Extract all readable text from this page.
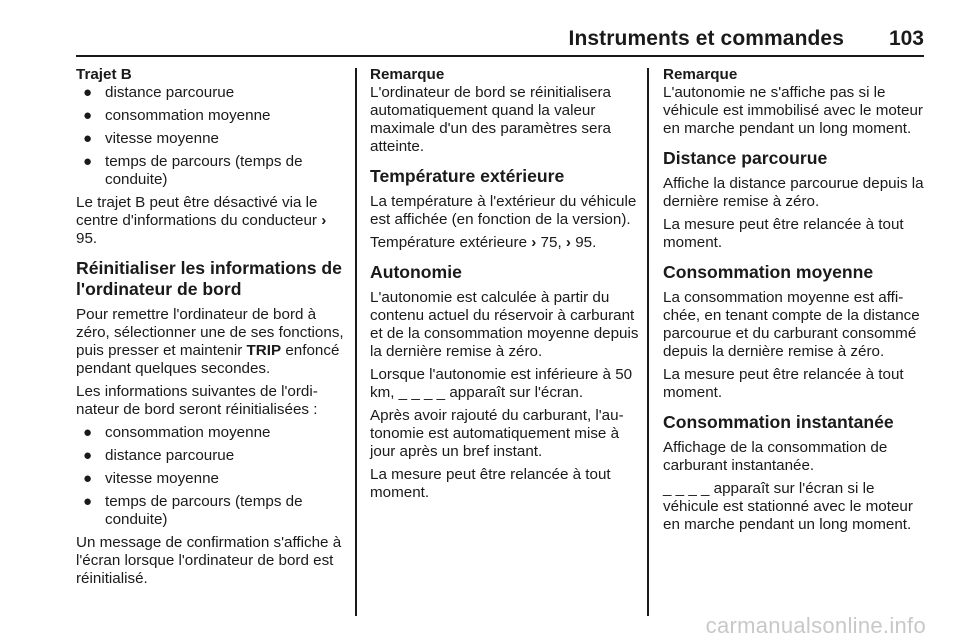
Instruments et commandes 103

Trajet B

● distance parcourue
● consommation moyenne
● vitesse moyenne
● temps de parcours (temps de conduite)

Le trajet B peut être désactivé via le centre d'informations du conducteur › 95.

Réinitialiser les informations de l'ordinateur de bord

Pour remettre l'ordinateur de bord à zéro, sélectionner une de ses fonctions, puis presser et maintenir TRIP enfoncé pendant quelques secondes.

Les informations suivantes de l'ordinateur de bord seront réinitialisées :

● consommation moyenne
● distance parcourue
● vitesse moyenne
● temps de parcours (temps de conduite)

Un message de confirmation s'affiche à l'écran lorsque l'ordinateur de bord est réinitialisé.

Remarque

L'ordinateur de bord se réinitialisera automatiquement quand la valeur maximale d'un des paramètres sera atteinte.

Température extérieure

La température à l'extérieur du véhicule est affichée (en fonction de la version).

Température extérieure › 75, › 95.

Autonomie

L'autonomie est calculée à partir du contenu actuel du réservoir à carburant et de la consommation moyenne depuis la dernière remise à zéro.

Lorsque l'autonomie est inférieure à 50 km, _ _ _ _ apparaît sur l'écran.

Après avoir rajouté du carburant, l'autonomie est automatiquement mise à jour après un bref instant.

La mesure peut être relancée à tout moment.

Remarque

L'autonomie ne s'affiche pas si le véhicule est immobilisé avec le moteur en marche pendant un long moment.

Distance parcourue

Affiche la distance parcourue depuis la dernière remise à zéro.

La mesure peut être relancée à tout moment.

Consommation moyenne

La consommation moyenne est affichée, en tenant compte de la distance parcourue et du carburant consommé depuis la dernière remise à zéro.

La mesure peut être relancée à tout moment.

Consommation instantanée

Affichage de la consommation de carburant instantanée.

_ _ _ _ apparaît sur l'écran si le véhicule est stationné avec le moteur en marche pendant un long moment.

carmanualsonline.info
